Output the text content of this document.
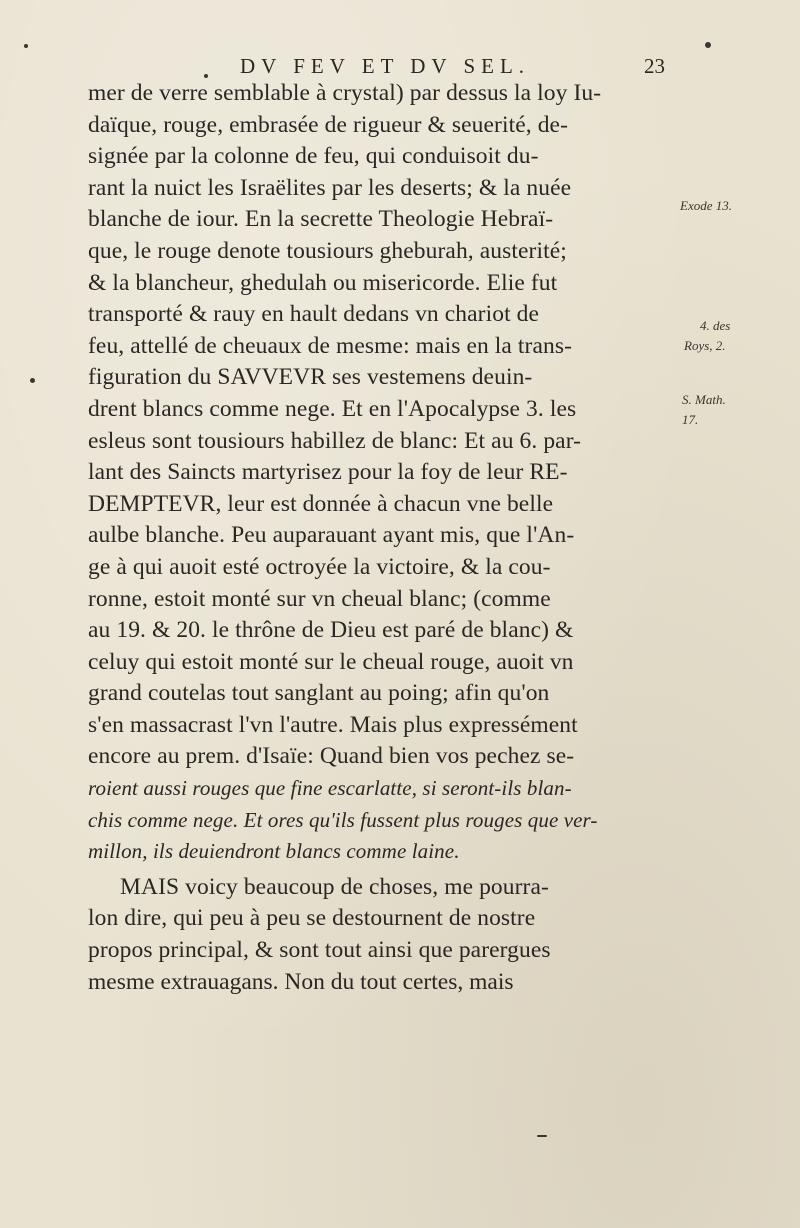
DV FEV ET DV SEL.	23
mer de verre semblable à crystal) par dessus la loy Iu-
daïque, rouge, embrasée de rigueur & seuerité, de-
signée par la colonne de feu, qui conduisoit du-
rant la nuict les Israëlites par les deserts; & la nuée
blanche de iour. En la secrette Theologie Hebraï-
que, le rouge denote tousiours gheburah, austerité;
& la blancheur, ghedulah ou misericorde. Elie fut
transporté & rauy en hault dedans vn chariot de
feu, attellé de cheuaux de mesme: mais en la trans-
figuration du SAVVEVR ses vestemens deuin-
drent blancs comme nege. Et en l'Apocalypse 3. les
esleus sont tousiours habillez de blanc: Et au 6. par-
lant des Saincts martyrisez pour la foy de leur RE-
DEMPTEVR, leur est donnée à chacun vne belle
aulbe blanche. Peu auparauant ayant mis, que l'An-
ge à qui auoit esté octroyée la victoire, & la cou-
ronne, estoit monté sur vn cheual blanc; (comme
au 19. & 20. le thrône de Dieu est paré de blanc) &
celuy qui estoit monté sur le cheual rouge, auoit vn
grand coutelas tout sanglant au poing; afin qu'on
s'en massacrast l'vn l'autre. Mais plus expressément
encore au prem. d'Isaïe: Quand bien vos pechez se-
roient aussi rouges que fine escarlatte, si seront-ils blan-
chis comme nege. Et ores qu'ils fussent plus rouges que ver-
millon, ils deuiendront blancs comme laine.
MAIS voicy beaucoup de choses, me pourra-
lon dire, qui peu à peu se destournent de nostre
propos principal, & sont tout ainsi que parergues
mesme extrauagans. Non du tout certes, mais
Exode 13.
4. des
Roys, 2.
S. Math.
17.
